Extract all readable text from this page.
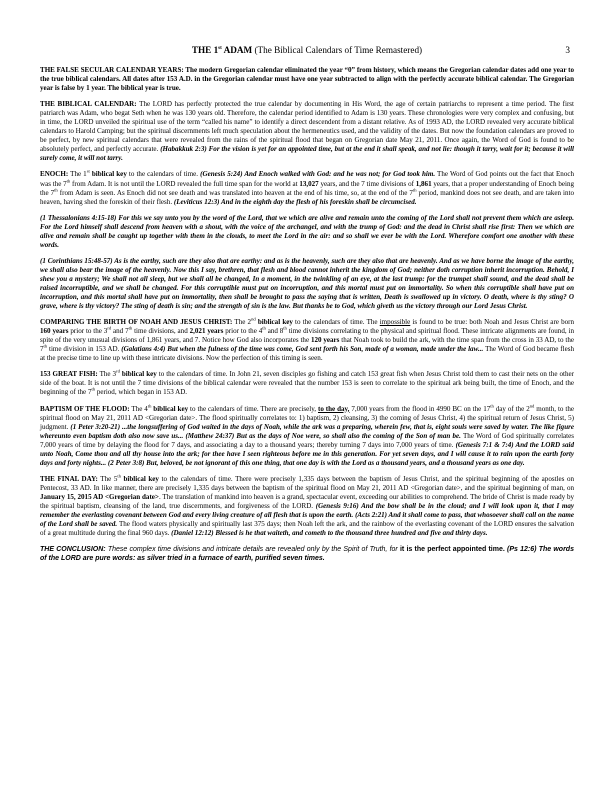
THE 1st ADAM (The Biblical Calendars of Time Remastered)	3

THE FALSE SECULAR CALENDAR YEARS: The modern Gregorian calendar eliminated the year “0” from history, which means the Gregorian calendar dates add one year to the true biblical calendars. All dates after 153 A.D. in the Gregorian calendar must have one year subtracted to align with the perfectly accurate biblical calendar. The Gregorian year is false by 1 year. The biblical year is true.

THE BIBLICAL CALENDAR: The LORD has perfectly protected the true calendar by documenting in His Word, the age of certain patriarchs to represent a time period. The first patriarch was Adam, who begat Seth when he was 130 years old. Therefore, the calendar period identified to Adam is 130 years. These chronologies were very complex and confusing, but in time, the LORD unveiled the spiritual use of the term “called his name” to identify a direct descendent from a distant relative. As of 1993 AD, the LORD revealed very accurate biblical calendars to Harold Camping; but the spiritual discernments left much speculation about the hermeneutics used, and the validity of the dates. But now the foundation calendars are proved to be perfect, by new spiritual calendars that were revealed from the rains of the spiritual flood that began on Gregorian date May 21, 2011. Once again, the Word of God is found to be absolutely perfect, and perfectly accurate. (Habakkuk 2:3) For the vision is yet for an appointed time, but at the end it shall speak, and not lie: though it tarry, wait for it; because it will surely come, it will not tarry.

ENOCH: The 1st biblical key to the calendars of time. (Genesis 5:24) And Enoch walked with God: and he was not; for God took him. The Word of God points out the fact that Enoch was the 7th from Adam. It is not until the LORD revealed the full time span for the world at 13,027 years, and the 7 time divisions of 1,861 years, that a proper understanding of Enoch being the 7th from Adam is seen. As Enoch did not see death and was translated into heaven at the end of his time, so, at the end of the 7th period, mankind does not see death, and are taken into heaven, having shed the foreskin of their flesh. (Leviticus 12:3) And in the eighth day the flesh of his foreskin shall be circumcised.

(1 Thessalonians 4:15-18) For this we say unto you by the word of the Lord, that we which are alive and remain unto the coming of the Lord shall not prevent them which are asleep. For the Lord himself shall descend from heaven with a shout, with the voice of the archangel, and with the trump of God: and the dead in Christ shall rise first: Then we which are alive and remain shall be caught up together with them in the clouds, to meet the Lord in the air: and so shall we ever be with the Lord. Wherefore comfort one another with these words.

(1 Corinthians 15:48-57) As is the earthy, such are they also that are earthy: and as is the heavenly, such are they also that are heavenly. And as we have borne the image of the earthy, we shall also bear the image of the heavenly. Now this I say, brethren, that flesh and blood cannot inherit the kingdom of God; neither doth corruption inherit incorruption. Behold, I shew you a mystery; We shall not all sleep, but we shall all be changed, In a moment, in the twinkling of an eye, at the last trump: for the trumpet shall sound, and the dead shall be raised incorruptible, and we shall be changed. For this corruptible must put on incorruption, and this mortal must put on immortality. So when this corruptible shall have put on incorruption, and this mortal shall have put on immortality, then shall be brought to pass the saying that is written, Death is swallowed up in victory. O death, where is thy sting? O grave, where is thy victory? The sting of death is sin; and the strength of sin is the law. But thanks be to God, which giveth us the victory through our Lord Jesus Christ.

COMPARING THE BIRTH OF NOAH AND JESUS CHRIST: The 2nd biblical key to the calendars of time. The impossible is found to be true: both Noah and Jesus Christ are born 160 years prior to the 3rd and 7th time divisions, and 2,021 years prior to the 4th and 8th time divisions correlating to the physical and spiritual flood. These intricate alignments are found, in spite of the very unusual divisions of 1,861 years, and 7. Notice how God also incorporates the 120 years that Noah took to build the ark, with the time span from the cross in 33 AD, to the 7th time division in 153 AD. (Galatians 4:4) But when the fulness of the time was come, God sent forth his Son, made of a woman, made under the law... The Word of God became flesh at the precise time to line up with these intricate divisions. Now the perfection of this timing is seen.

153 GREAT FISH: The 3rd biblical key to the calendars of time. In John 21, seven disciples go fishing and catch 153 great fish when Jesus Christ told them to cast their nets on the other side of the boat. It is not until the 7 time divisions of the biblical calendar were revealed that the number 153 is seen to correlate to the spiritual ark being built, the time of Enoch, and the beginning of the 7th period, which began in 153 AD.

BAPTISM OF THE FLOOD: The 4th biblical key to the calendars of time. There are precisely, to the day, 7,000 years from the flood in 4990 BC on the 17th day of the 2nd month, to the spiritual flood on May 21, 2011 AD <Gregorian date>. The flood spiritually correlates to: 1) baptism, 2) cleansing, 3) the coming of Jesus Christ, 4) the spiritual return of Jesus Christ, 5) judgment. (1 Peter 3:20-21) ...the longsuffering of God waited in the days of Noah, while the ark was a preparing, wherein few, that is, eight souls were saved by water. The like figure whereunto even baptism doth also now save us... (Matthew 24:37) But as the days of Noe were, so shall also the coming of the Son of man be. The Word of God spiritually correlates 7,000 years of time by delaying the flood for 7 days, and associating a day to a thousand years; thereby turning 7 days into 7,000 years of time. (Genesis 7:1 & 7:4) And the LORD said unto Noah, Come thou and all thy house into the ark; for thee have I seen righteous before me in this generation. For yet seven days, and I will cause it to rain upon the earth forty days and forty nights... (2 Peter 3:8) But, beloved, be not ignorant of this one thing, that one day is with the Lord as a thousand years, and a thousand years as one day.

THE FINAL DAY: The 5th biblical key to the calendars of time. There were precisely 1,335 days between the baptism of Jesus Christ, and the spiritual beginning of the apostles on Pentecost, 33 AD. In like manner, there are precisely 1,335 days between the baptism of the spiritual flood on May 21, 2011 AD <Gregorian date>, and the spiritual beginning of man, on January 15, 2015 AD <Gregorian date>. The translation of mankind into heaven is a grand, spectacular event, exceeding our abilities to comprehend. The bride of Christ is made ready by the spiritual baptism, cleansing of the land, true discernments, and forgiveness of the LORD. (Genesis 9:16) And the bow shall be in the cloud; and I will look upon it, that I may remember the everlasting covenant between God and every living creature of all flesh that is upon the earth. (Acts 2:21) And it shall come to pass, that whosoever shall call on the name of the Lord shall be saved. The flood waters physically and spiritually last 375 days; then Noah left the ark, and the rainbow of the everlasting covenant of the LORD ensures the salvation of a great multitude during the final 960 days. (Daniel 12:12) Blessed is he that waiteth, and cometh to the thousand three hundred and five and thirty days.

THE CONCLUSION: These complex time divisions and intricate details are revealed only by the Spirit of Truth, for it is the perfect appointed time. (Ps 12:6) The words of the LORD are pure words: as silver tried in a furnace of earth, purified seven times.
